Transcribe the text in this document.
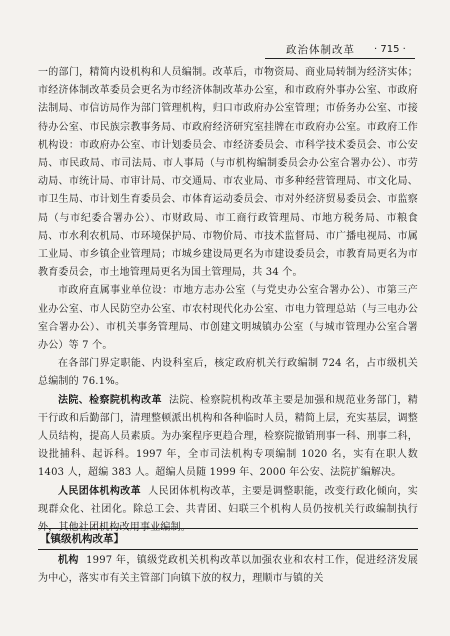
政治体制改革 · 715 ·

一的部门，精简内设机构和人员编制。改革后，市物资局、商业局转制为经济实体；市经济体制改革委员会更名为市经济体制改革办公室，和市政府外事办公室、市政府法制局、市信访局作为部门管理机构，归口市政府办公室管理；市侨务办公室、市接待办公室、市民族宗教事务局、市政府经济研究室挂牌在市政府办公室。市政府工作机构设：市政府办公室、市计划委员会、市经济委员会、市科学技术委员会、市公安局、市民政局、市司法局、市人事局（与市机构编制委员会办公室合署办公）、市劳动局、市统计局、市审计局、市交通局、市农业局、市多种经营管理局、市文化局、市卫生局、市计划生育委员会、市体育运动委员会、市对外经济贸易委员会、市监察局（与市纪委合署办公）、市财政局、市工商行政管理局、市地方税务局、市粮食局、市水利农机局、市环境保护局、市物价局、市技术监督局、市广播电视局、市属工业局、市乡镇企业管理局；市城乡建设局更名为市建设委员会，市教育局更名为市教育委员会，市土地管理局更名为国土管理局，共 34 个。

市政府直属事业单位设：市地方志办公室（与党史办公室合署办公）、市第三产业办公室、市人民防空办公室、市农村现代化办公室、市电力管理总站（与三电办公室合署办公）、市机关事务管理局、市创建文明城镇办公室（与城市管理办公室合署办公）等 7 个。

在各部门界定职能、内设科室后，核定政府机关行政编制 724 名，占市级机关总编制的 76.1%。

法院、检察院机构改革 法院、检察院机构改革主要是加强和规范业务部门，精干行政和后勤部门，清理整顿派出机构和各种临时人员，精简上层，充实基层，调整人员结构，提高人员素质。为办案程序更趋合理，检察院撤销刑事一科、刑事二科，设批捕科、起诉科。1997 年，全市司法机构专项编制 1020 名，实有在职人数 1403 人，超编 383 人。超编人员随 1999 年、2000 年公安、法院扩编解决。

人民团体机构改革 人民团体机构改革，主要是调整职能，改变行政化倾向，实现群众化、社团化。除总工会、共青团、妇联三个机构人员仍按机关行政编制执行外，其他社团机构改用事业编制。

【镇级机构改革】

机构 1997 年，镇级党政机关机构改革以加强农业和农村工作，促进经济发展为中心，落实市有关主管部门向镇下放的权力，理顺市与镇的关
